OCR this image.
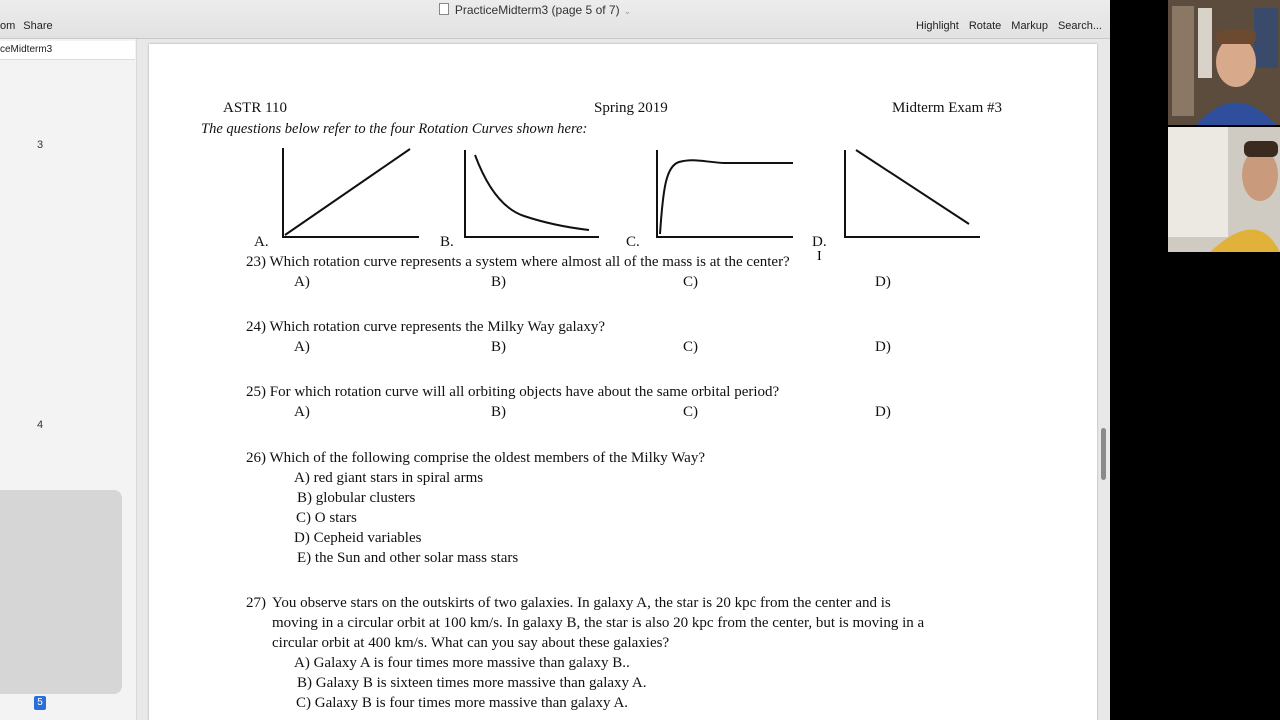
PracticeMidterm3 (page 5 of 7) ⌄
om Share	Highlight Rotate Markup Search...
ceMidterm3
3
4
5
ASTR 110	Spring 2019	Midterm Exam #3
The questions below refer to the four Rotation Curves shown here:
A.	B.	C.	D.
23) Which rotation curve represents a system where almost all of the mass is at the center?
A)	B)	C)	D)
I
24) Which rotation curve represents the Milky Way galaxy?
A)	B)	C)	D)
25) For which rotation curve will all orbiting objects have about the same orbital period?
A)	B)	C)	D)
26) Which of the following comprise the oldest members of the Milky Way?
A) red giant stars in spiral arms
B) globular clusters
C) O stars
D) Cepheid variables
E) the Sun and other solar mass stars
27) You observe stars on the outskirts of two galaxies. In galaxy A, the star is 20 kpc from the center and is
moving in a circular orbit at 100 km/s. In galaxy B, the star is also 20 kpc from the center, but is moving in a
circular orbit at 400 km/s. What can you say about these galaxies?
A) Galaxy A is four times more massive than galaxy B..
B) Galaxy B is sixteen times more massive than galaxy A.
C) Galaxy B is four times more massive than galaxy A.
